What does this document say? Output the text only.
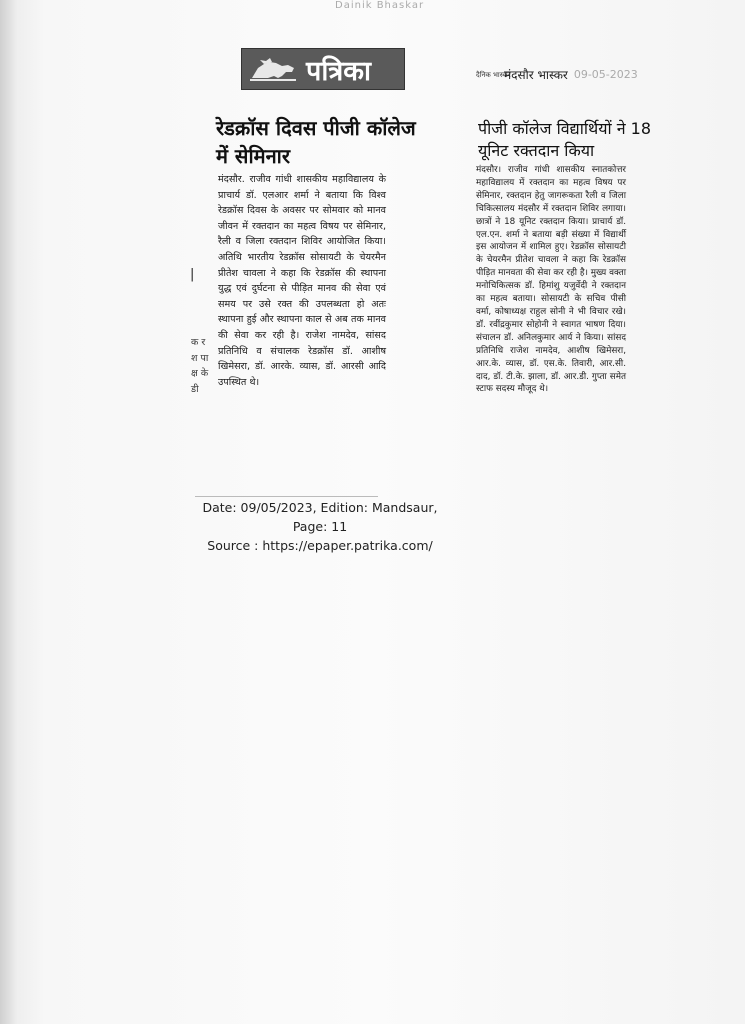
Dainik Bhaskar
पत्रिका	दैनिक भास्कर
मंदसौर भास्कर 09-05-2023
रेडक्रॉस दिवस पीजी कॉलेज में सेमिनार
मंदसौर. राजीव गांधी शासकीय महाविद्यालय के प्राचार्य डॉ. एलआर शर्मा ने बताया कि विश्व रेडक्रॉस दिवस के अवसर पर सोमवार को मानव जीवन में रक्तदान का महत्व विषय पर सेमिनार, रैली व जिला रक्तदान शिविर आयोजित किया। अतिथि भारतीय रेडक्रॉस सोसायटी के चेयरमैन प्रीतेश चावला ने कहा कि रेडक्रॉस की स्थापना युद्ध एवं दुर्घटना से पीड़ित मानव की सेवा एवं समय पर उसे रक्त की उपलब्धता हो अतः स्थापना हुई और स्थापना काल से अब तक मानव की सेवा कर रही है। राजेश नामदेव, सांसद प्रतिनिधि व संचालक रेडक्रॉस डॉ. आशीष खिमेसरा, डॉ. आरके. व्यास, डॉ. आरसी आदि उपस्थित थे।
|
क र श पा क्ष के डी
पीजी कॉलेज विद्यार्थियों ने 18 यूनिट रक्तदान किया
मंदसौर। राजीव गांधी शासकीय स्नातकोत्तर महाविद्यालय में रक्तदान का महत्व विषय पर सेमिनार, रक्तदान हेतु जागरूकता रैली व जिला चिकित्सालय मंदसौर में रक्तदान शिविर लगाया। छात्रों ने 18 यूनिट रक्तदान किया। प्राचार्य डॉ. एल.एन. शर्मा ने बताया बड़ी संख्या में विद्यार्थी इस आयोजन में शामिल हुए। रेडक्रॉस सोसायटी के चेयरमैन प्रीतेश चावला ने कहा कि रेडक्रॉस पीड़ित मानवता की सेवा कर रही है। मुख्य वक्ता मनोचिकित्सक डॉ. हिमांशु यजुर्वेदी ने रक्तदान का महत्व बताया। सोसायटी के सचिव पीसी वर्मा, कोषाध्यक्ष राहुल सोनी ने भी विचार रखे। डॉ. रवींद्रकुमार सोहोनी ने स्वागत भाषण दिया। संचालन डॉ. अनिलकुमार आर्य ने किया। सांसद प्रतिनिधि राजेश नामदेव, आशीष खिमेसरा, आर.के. व्यास, डॉ. एस.के. तिवारी, आर.सी. दाद, डॉ. टी.के. झाला, डॉ. आर.डी. गुप्ता समेत स्टाफ सदस्य मौजूद थे।
Date: 09/05/2023, Edition: Mandsaur,
Page: 11
Source : https://epaper.patrika.com/
